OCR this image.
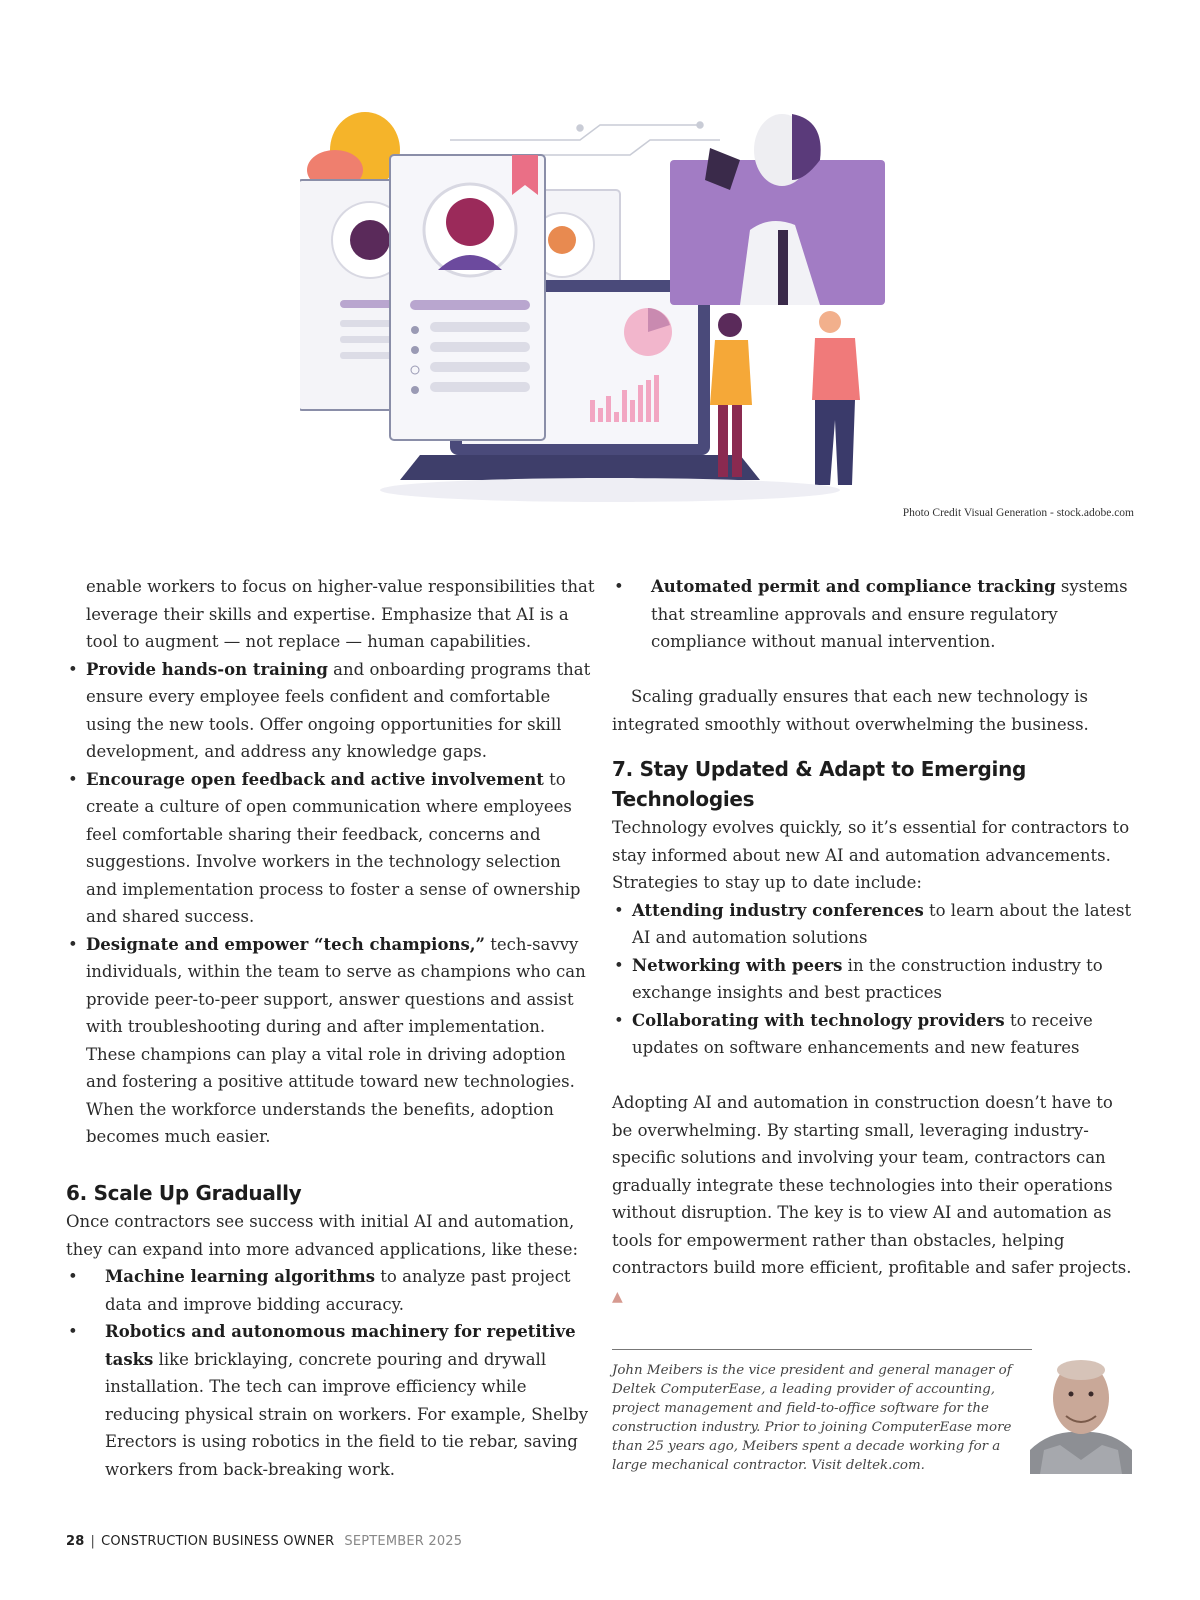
Photo Credit Visual Generation - stock.adobe.com

enable workers to focus on higher-value responsibilities that leverage their skills and expertise. Emphasize that AI is a tool to augment — not replace — human capabilities.

• Provide hands-on training and onboarding programs that ensure every employee feels confident and comfortable using the new tools. Offer ongoing opportunities for skill development, and address any knowledge gaps.
• Encourage open feedback and active involvement to create a culture of open communication where employees feel comfortable sharing their feedback, concerns and suggestions. Involve workers in the technology selection and implementation process to foster a sense of ownership and shared success.
• Designate and empower “tech champions,” tech-savvy individuals, within the team to serve as champions who can provide peer-to-peer support, answer questions and assist with troubleshooting during and after implementation. These champions can play a vital role in driving adoption and fostering a positive attitude toward new technologies. When the workforce understands the benefits, adoption becomes much easier.
6. Scale Up Gradually

Once contractors see success with initial AI and automation, they can expand into more advanced applications, like these:

• Machine learning algorithms to analyze past project data and improve bidding accuracy.
• Robotics and autonomous machinery for repetitive tasks like bricklaying, concrete pouring and drywall installation. The tech can improve efficiency while reducing physical strain on workers. For example, Shelby Erectors is using robotics in the field to tie rebar, saving workers from back-breaking work.
• Automated permit and compliance tracking systems that streamline approvals and ensure regulatory compliance without manual intervention.

Scaling gradually ensures that each new technology is integrated smoothly without overwhelming the business.

7. Stay Updated & Adapt to Emerging Technologies

Technology evolves quickly, so it’s essential for contractors to stay informed about new AI and automation advancements. Strategies to stay up to date include:

• Attending industry conferences to learn about the latest AI and automation solutions
• Networking with peers in the construction industry to exchange insights and best practices
• Collaborating with technology providers to receive updates on software enhancements and new features

Adopting AI and automation in construction doesn’t have to be overwhelming. By starting small, leveraging industry-specific solutions and involving your team, contractors can gradually integrate these technologies into their operations without disruption. The key is to view AI and automation as tools for empowerment rather than obstacles, helping contractors build more efficient, profitable and safer projects. ▲

John Meibers is the vice president and general manager of Deltek ComputerEase, a leading provider of accounting, project management and field-to-office software for the construction industry. Prior to joining ComputerEase more than 25 years ago, Meibers spent a decade working for a large mechanical contractor. Visit deltek.com.

28 | CONSTRUCTION BUSINESS OWNER SEPTEMBER 2025
